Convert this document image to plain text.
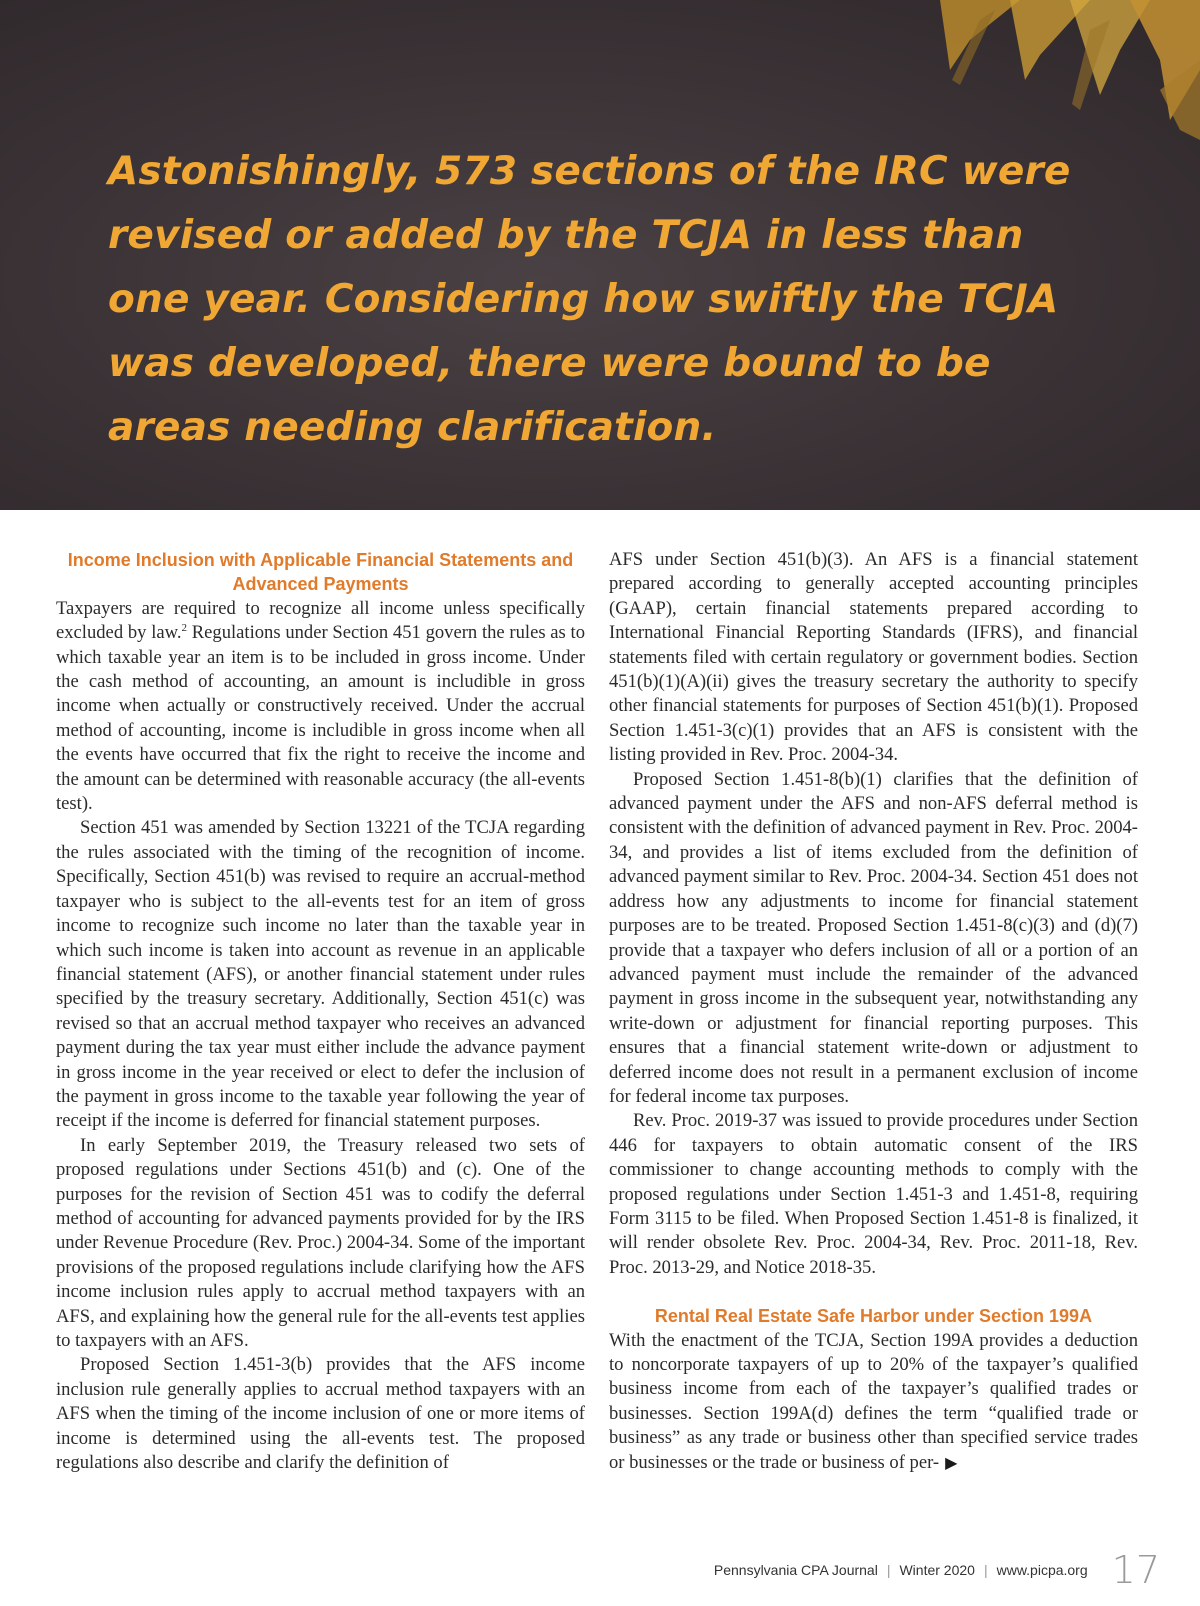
Astonishingly, 573 sections of the IRC were revised or added by the TCJA in less than one year. Considering how swiftly the TCJA was developed, there were bound to be areas needing clarification.

Income Inclusion with Applicable Financial Statements and Advanced Payments

Taxpayers are required to recognize all income unless specifically excluded by law.$^2$ Regulations under Section 451 govern the rules as to which taxable year an item is to be included in gross income. Under the cash method of accounting, an amount is includible in gross income when actually or constructively received. Under the accrual method of accounting, income is includible in gross income when all the events have occurred that fix the right to receive the income and the amount can be determined with reasonable accuracy (the all-events test).

Section 451 was amended by Section 13221 of the TCJA regarding the rules associated with the timing of the recognition of income. Specifically, Section 451(b) was revised to require an accrual-method taxpayer who is subject to the all-events test for an item of gross income to recognize such income no later than the taxable year in which such income is taken into account as revenue in an applicable financial statement (AFS), or another financial statement under rules specified by the treasury secretary. Additionally, Section 451(c) was revised so that an accrual method taxpayer who receives an advanced payment during the tax year must either include the advance payment in gross income in the year received or elect to defer the inclusion of the payment in gross income to the taxable year following the year of receipt if the income is deferred for financial statement purposes.

In early September 2019, the Treasury released two sets of proposed regulations under Sections 451(b) and (c). One of the purposes for the revision of Section 451 was to codify the deferral method of accounting for advanced payments provided for by the IRS under Revenue Procedure (Rev. Proc.) 2004-34. Some of the important provisions of the proposed regulations include clarifying how the AFS income inclusion rules apply to accrual method taxpayers with an AFS, and explaining how the general rule for the all-events test applies to taxpayers with an AFS.

Proposed Section 1.451-3(b) provides that the AFS income inclusion rule generally applies to accrual method taxpayers with an AFS when the timing of the income inclusion of one or more items of income is determined using the all-events test. The proposed regulations also describe and clarify the definition of

AFS under Section 451(b)(3). An AFS is a financial statement prepared according to generally accepted accounting principles (GAAP), certain financial statements prepared according to International Financial Reporting Standards (IFRS), and financial statements filed with certain regulatory or government bodies. Section 451(b)(1)(A)(ii) gives the treasury secretary the authority to specify other financial statements for purposes of Section 451(b)(1). Proposed Section 1.451-3(c)(1) provides that an AFS is consistent with the listing provided in Rev. Proc. 2004-34.

Proposed Section 1.451-8(b)(1) clarifies that the definition of advanced payment under the AFS and non-AFS deferral method is consistent with the definition of advanced payment in Rev. Proc. 2004-34, and provides a list of items excluded from the definition of advanced payment similar to Rev. Proc. 2004-34. Section 451 does not address how any adjustments to income for financial statement purposes are to be treated. Proposed Section 1.451-8(c)(3) and (d)(7) provide that a taxpayer who defers inclusion of all or a portion of an advanced payment must include the remainder of the advanced payment in gross income in the subsequent year, notwithstanding any write-down or adjustment for financial reporting purposes. This ensures that a financial statement write-down or adjustment to deferred income does not result in a permanent exclusion of income for federal income tax purposes.

Rev. Proc. 2019-37 was issued to provide procedures under Section 446 for taxpayers to obtain automatic consent of the IRS commissioner to change accounting methods to comply with the proposed regulations under Section 1.451-3 and 1.451-8, requiring Form 3115 to be filed. When Proposed Section 1.451-8 is finalized, it will render obsolete Rev. Proc. 2004-34, Rev. Proc. 2011-18, Rev. Proc. 2013-29, and Notice 2018-35.

Rental Real Estate Safe Harbor under Section 199A

With the enactment of the TCJA, Section 199A provides a deduction to noncorporate taxpayers of up to 20% of the taxpayer’s qualified business income from each of the taxpayer’s qualified trades or businesses. Section 199A(d) defines the term “qualified trade or business” as any trade or business other than specified service trades or businesses or the trade or business of per- ▶

Pennsylvania CPA Journal | Winter 2020 | www.picpa.org 17
